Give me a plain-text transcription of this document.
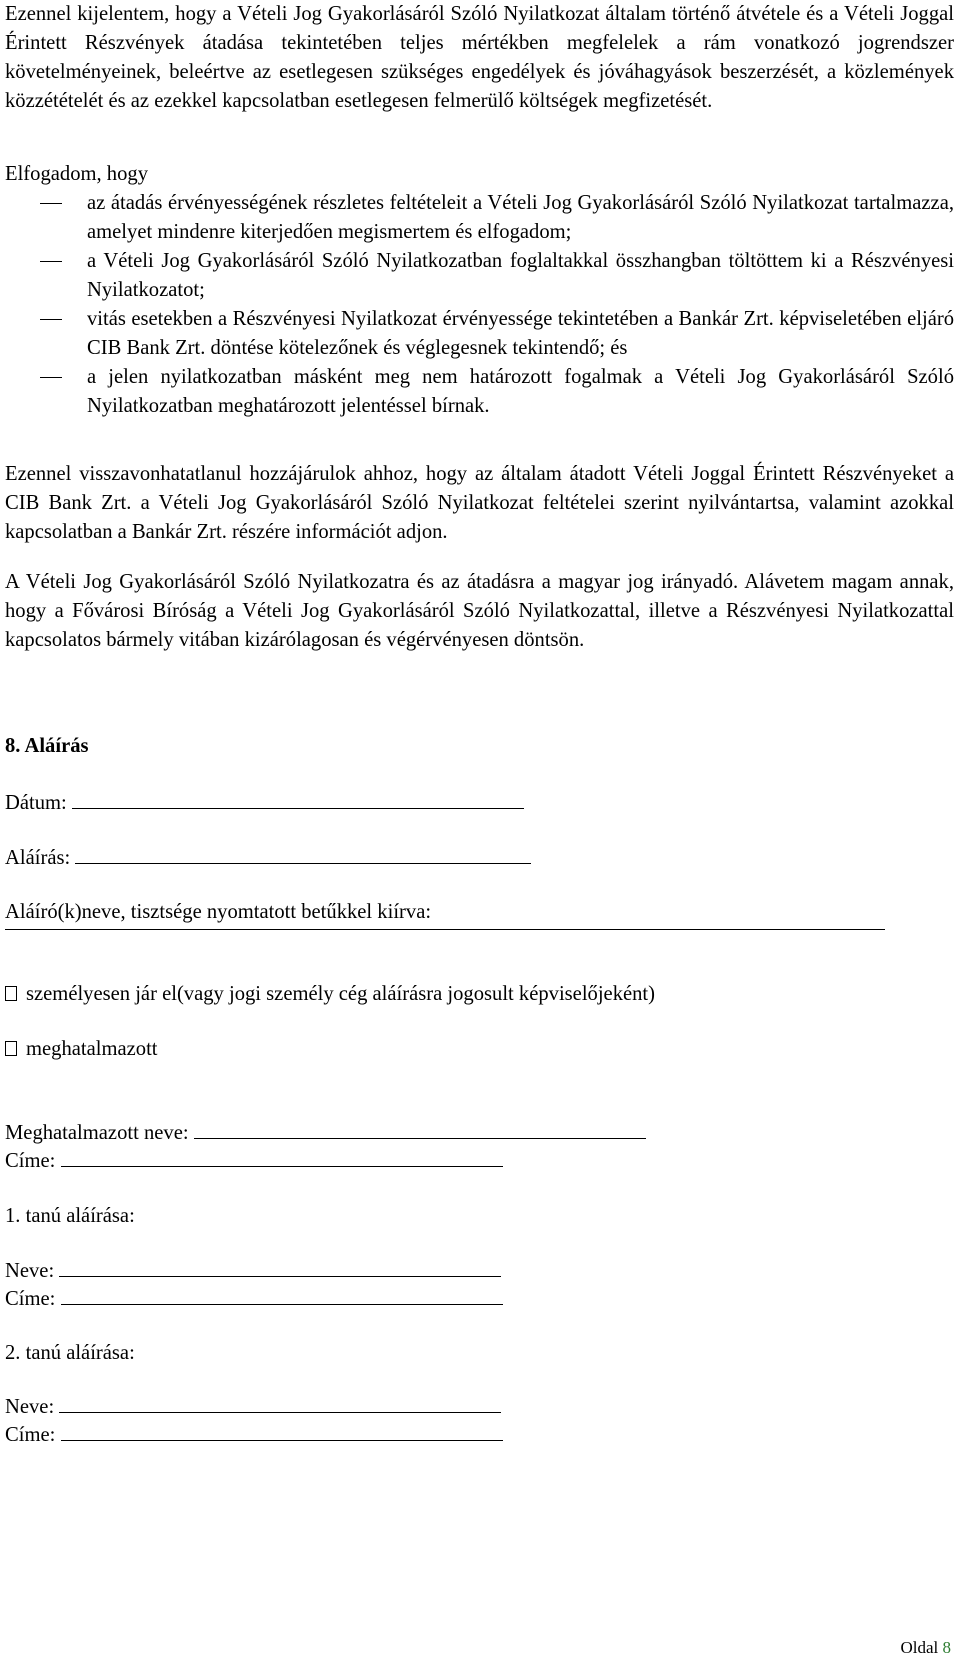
Ezennel kijelentem, hogy a Vételi Jog Gyakorlásáról Szóló Nyilatkozat általam történő átvétele és a Vételi Joggal Érintett Részvények átadása tekintetében teljes mértékben megfelelek a rám vonatkozó jogrendszer követelményeinek, beleértve az esetlegesen szükséges engedélyek és jóváhagyások beszerzését, a közlemények közzétételét és az ezekkel kapcsolatban esetlegesen felmerülő költségek megfizetését.

Elfogadom, hogy

az átadás érvényességének részletes feltételeit a Vételi Jog Gyakorlásáról Szóló Nyilatkozat tartalmazza, amelyet mindenre kiterjedően megismertem és elfogadom;
a Vételi Jog Gyakorlásáról Szóló Nyilatkozatban foglaltakkal összhangban töltöttem ki a Részvényesi Nyilatkozatot;
vitás esetekben a Részvényesi Nyilatkozat érvényessége tekintetében a Bankár Zrt. képviseletében eljáró CIB Bank Zrt. döntése kötelezőnek és véglegesnek tekintendő; és
a jelen nyilatkozatban másként meg nem határozott fogalmak a Vételi Jog Gyakorlásáról Szóló Nyilatkozatban meghatározott jelentéssel bírnak.

Ezennel visszavonhatatlanul hozzájárulok ahhoz, hogy az általam átadott Vételi Joggal Érintett Részvényeket a CIB Bank Zrt. a Vételi Jog Gyakorlásáról Szóló Nyilatkozat feltételei szerint nyilvántartsa, valamint azokkal kapcsolatban a Bankár Zrt. részére információt adjon.

A Vételi Jog Gyakorlásáról Szóló Nyilatkozatra és az átadásra a magyar jog irányadó. Alávetem magam annak, hogy a Fővárosi Bíróság a Vételi Jog Gyakorlásáról Szóló Nyilatkozattal, illetve a Részvényesi Nyilatkozattal kapcsolatos bármely vitában kizárólagosan és végérvényesen döntsön.

8. Aláírás

Dátum:
Aláírás:
Aláíró(k)neve, tisztsége nyomtatott betűkkel kiírva:
személyesen jár el(vagy jogi személy cég aláírásra jogosult képviselőjeként)
meghatalmazott
Meghatalmazott neve:
Címe:
1. tanú aláírása:
Neve:
Címe:
2. tanú aláírása:
Neve:
Címe:
Oldal 8
